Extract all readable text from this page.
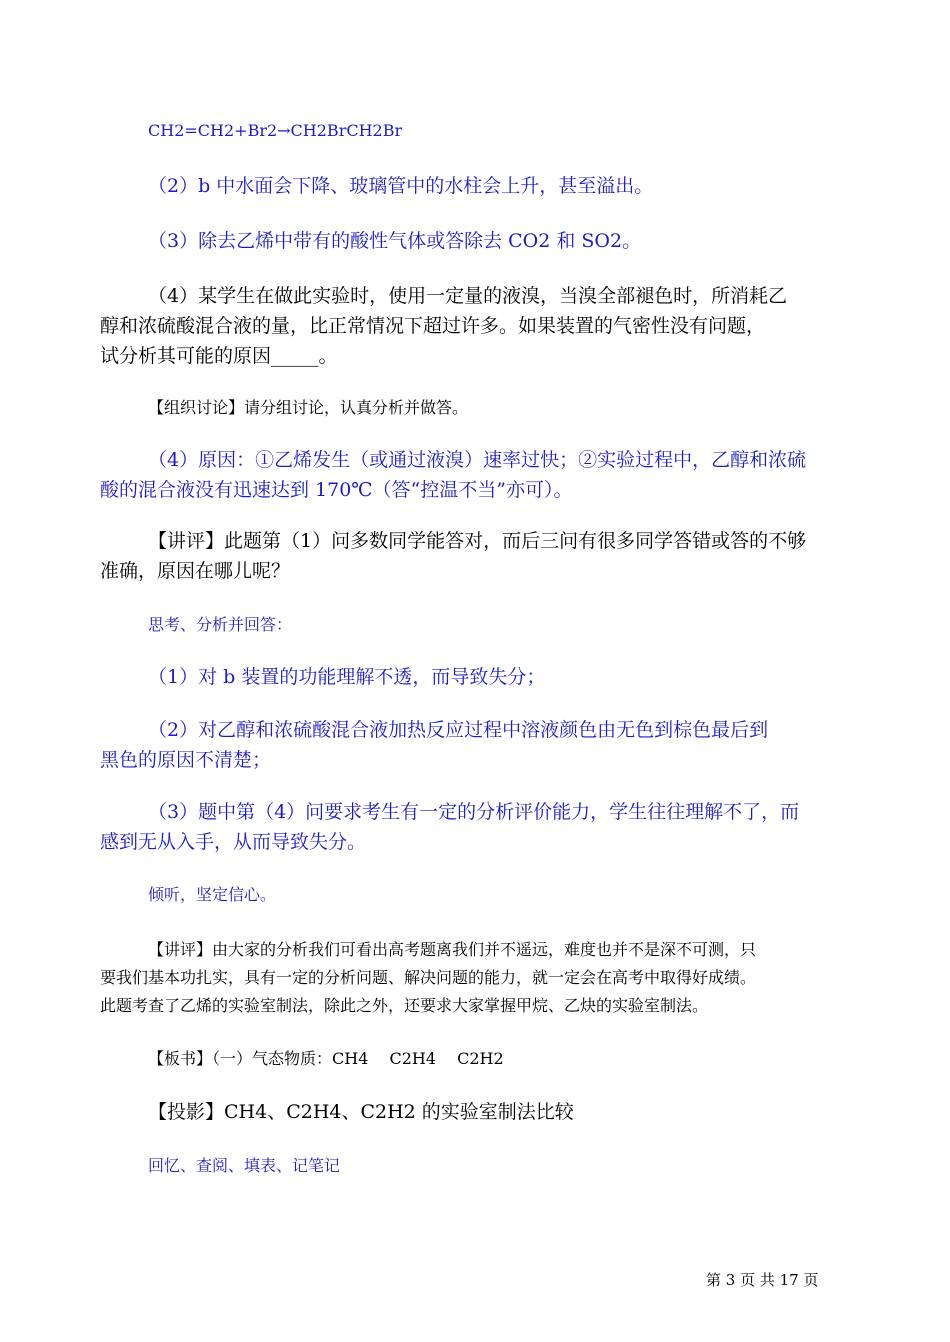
CH2=CH2+Br2→CH2BrCH2Br
（2）b 中水面会下降、玻璃管中的水柱会上升，甚至溢出。
（3）除去乙烯中带有的酸性气体或答除去 CO2 和 SO2。
（4）某学生在做此实验时，使用一定量的液溴，当溴全部褪色时，所消耗乙
醇和浓硫酸混合液的量，比正常情况下超过许多。如果装置的气密性没有问题，
试分析其可能的原因_____。
【组织讨论】请分组讨论，认真分析并做答。
（4）原因：①乙烯发生（或通过液溴）速率过快；②实验过程中，乙醇和浓硫
酸的混合液没有迅速达到 170℃（答“控温不当”亦可）。
【讲评】此题第（1）问多数同学能答对，而后三问有很多同学答错或答的不够
准确，原因在哪儿呢？
思考、分析并回答：
（1）对 b 装置的功能理解不透，而导致失分；
（2）对乙醇和浓硫酸混合液加热反应过程中溶液颜色由无色到棕色最后到
黑色的原因不清楚；
（3）题中第（4）问要求考生有一定的分析评价能力，学生往往理解不了，而
感到无从入手，从而导致失分。
倾听，坚定信心。
【讲评】由大家的分析我们可看出高考题离我们并不遥远，难度也并不是深不可测，只
要我们基本功扎实，具有一定的分析问题、解决问题的能力，就一定会在高考中取得好成绩。
此题考查了乙烯的实验室制法，除此之外，还要求大家掌握甲烷、乙炔的实验室制法。
【板书】（一）气态物质：CH4　 C2H4　 C2H2
【投影】CH4、C2H4、C2H2 的实验室制法比较
回忆、查阅、填表、记笔记
第 3 页 共 17 页
